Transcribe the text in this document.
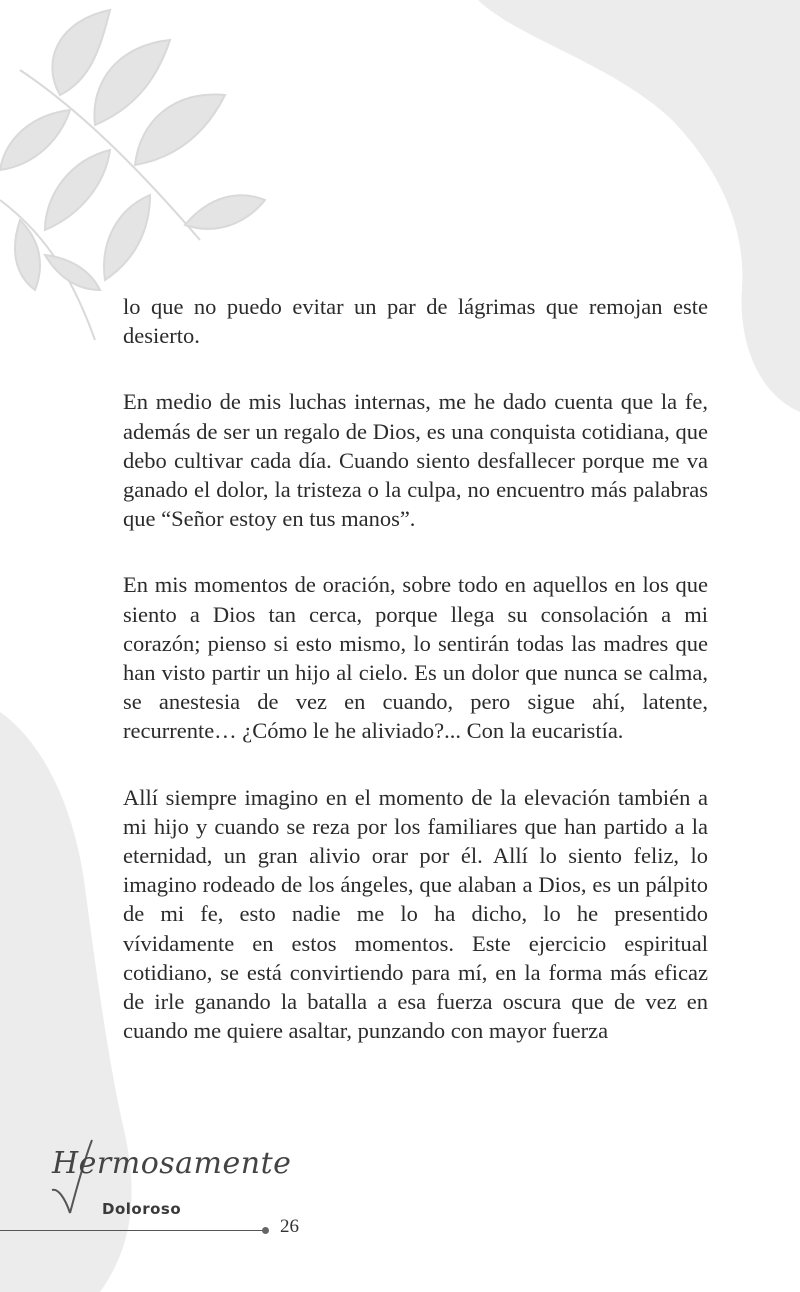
lo que no puedo evitar un par de lágrimas que remojan este desierto.

En medio de mis luchas internas, me he dado cuenta que la fe, además de ser un regalo de Dios, es una conquista cotidiana, que debo cultivar cada día. Cuando siento desfallecer porque me va ganado el dolor, la tristeza o la culpa, no encuentro más palabras que “Señor estoy en tus manos”.

En mis momentos de oración, sobre todo en aquellos en los que siento a Dios tan cerca, porque llega su consolación a mi corazón; pienso si esto mismo, lo sentirán todas las madres que han visto partir un hijo al cielo. Es un dolor que nunca se calma, se anestesia de vez en cuando, pero sigue ahí, latente, recurrente… ¿Cómo le he aliviado?... Con la eucaristía.

Allí siempre imagino en el momento de la elevación también a mi hijo y cuando se reza por los familiares que han partido a la eternidad, un gran alivio orar por él. Allí lo siento feliz, lo imagino rodeado de los ángeles, que alaban a Dios, es un pálpito de mi fe, esto nadie me lo ha dicho, lo he presentido vívidamente en estos momentos. Este ejercicio espiritual cotidiano, se está convirtiendo para mí, en la forma más eficaz de irle ganando la batalla a esa fuerza oscura que de vez en cuando me quiere asaltar, punzando con mayor fuerza

Hermosamente
Doloroso
26
